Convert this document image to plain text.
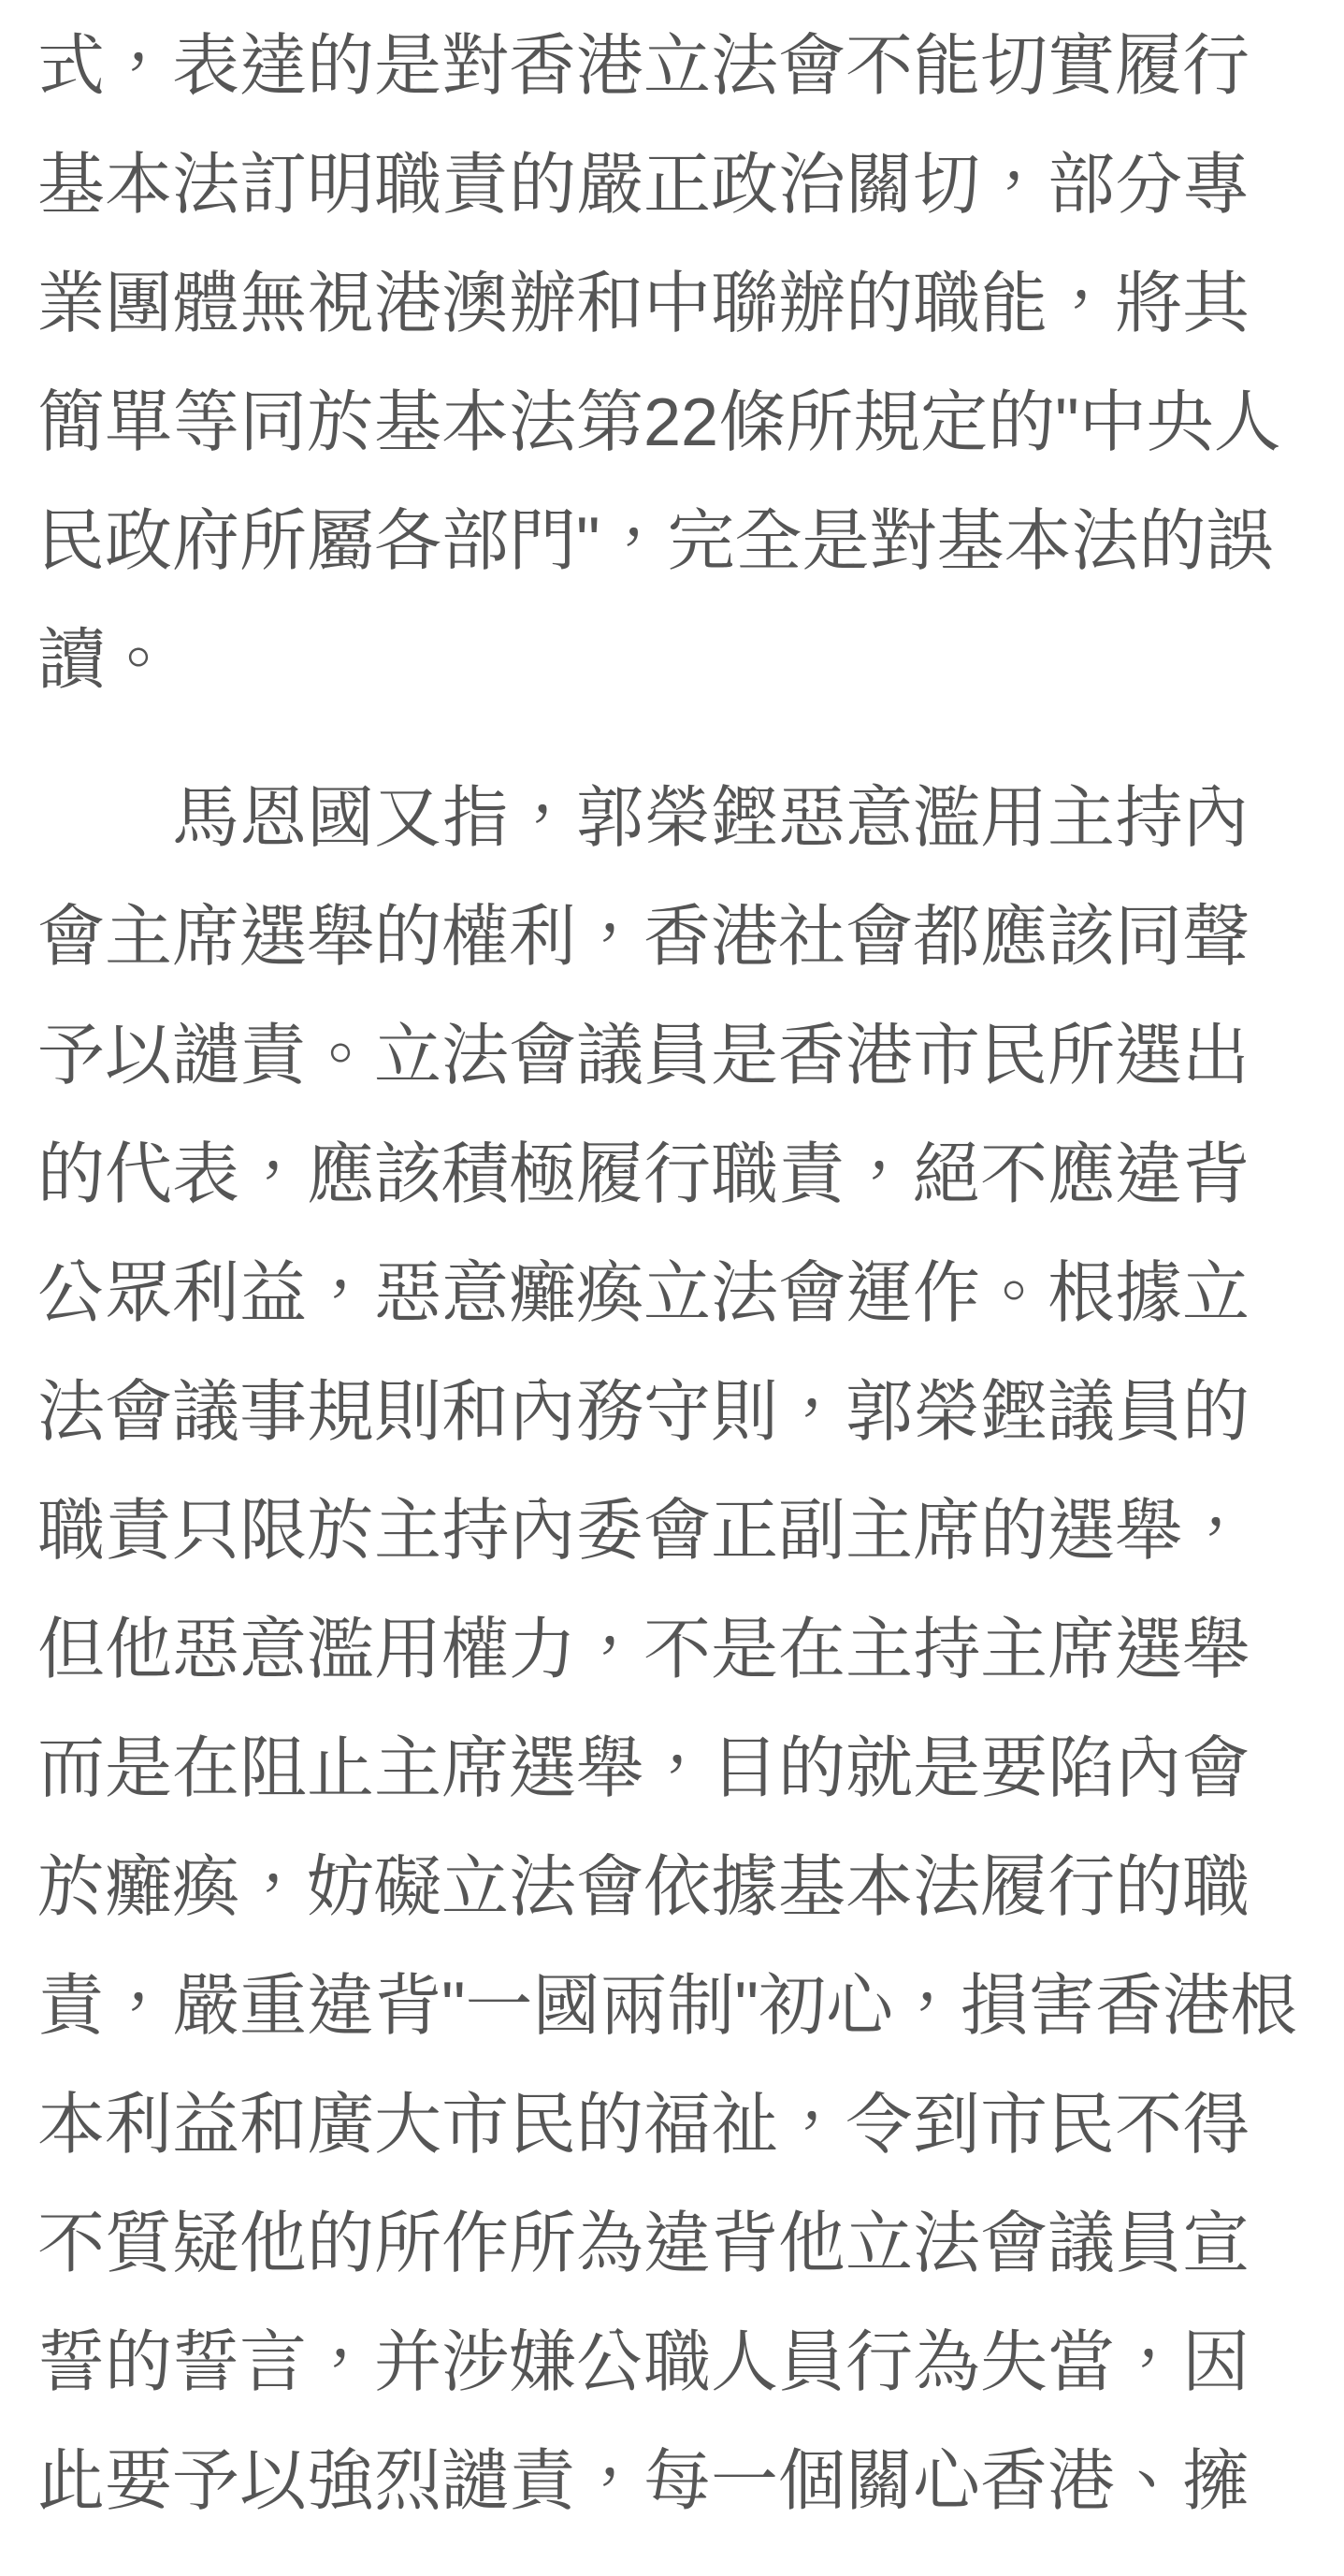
式，表達的是對香港立法會不能切實履行
基本法訂明職責的嚴正政治關切，部分專
業團體無視港澳辦和中聯辦的職能，將其
簡單等同於基本法第22條所規定的"中央人
民政府所屬各部門"，完全是對基本法的誤
讀。
馬恩國又指，郭榮鏗惡意濫用主持內
會主席選舉的權利，香港社會都應該同聲
予以譴責。立法會議員是香港市民所選出
的代表，應該積極履行職責，絕不應違背
公眾利益，惡意癱瘓立法會運作。根據立
法會議事規則和內務守則，郭榮鏗議員的
職責只限於主持內委會正副主席的選舉，
但他惡意濫用權力，不是在主持主席選舉
而是在阻止主席選舉，目的就是要陷內會
於癱瘓，妨礙立法會依據基本法履行的職
責，嚴重違背"一國兩制"初心，損害香港根
本利益和廣大市民的福祉，令到市民不得
不質疑他的所作所為違背他立法會議員宣
誓的誓言，并涉嫌公職人員行為失當，因
此要予以強烈譴責，每一個關心香港、擁
